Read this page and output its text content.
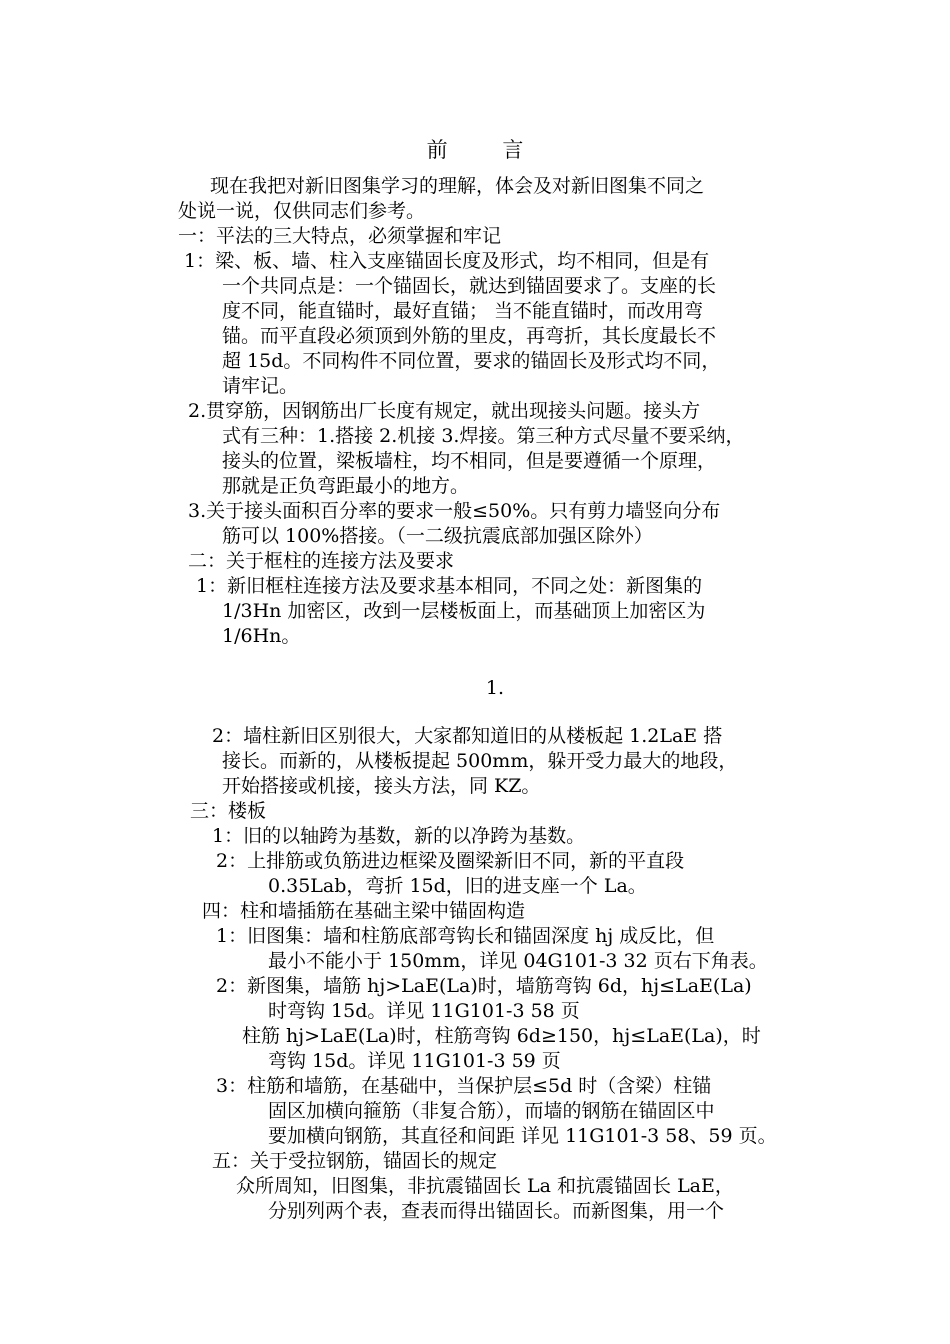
前 言
现在我把对新旧图集学习的理解，体会及对新旧图集不同之
处说一说，仅供同志们参考。
一：平法的三大特点，必须掌握和牢记
1：梁、板、墙、柱入支座锚固长度及形式，均不相同，但是有
一个共同点是：一个锚固长，就达到锚固要求了。支座的长
度不同，能直锚时，最好直锚； 当不能直锚时，而改用弯
锚。而平直段必须顶到外筋的里皮，再弯折，其长度最长不
超 15d。不同构件不同位置，要求的锚固长及形式均不同，
请牢记。
2.贯穿筋，因钢筋出厂长度有规定，就出现接头问题。接头方
式有三种：1.搭接 2.机接 3.焊接。第三种方式尽量不要采纳，
接头的位置，梁板墙柱，均不相同，但是要遵循一个原理，
那就是正负弯距最小的地方。
3.关于接头面积百分率的要求一般≤50%。只有剪力墙竖向分布
筋可以 100%搭接。（一二级抗震底部加强区除外）
二：关于框柱的连接方法及要求
1：新旧框柱连接方法及要求基本相同，不同之处：新图集的
1/3Hn 加密区，改到一层楼板面上，而基础顶上加密区为
1/6Hn。
1.
2：墙柱新旧区别很大，大家都知道旧的从楼板起 1.2LaE 搭
接长。而新的，从楼板提起 500mm，躲开受力最大的地段，
开始搭接或机接，接头方法，同 KZ。
三：楼板
1：旧的以轴跨为基数，新的以净跨为基数。
2：上排筋或负筋进边框梁及圈梁新旧不同，新的平直段
0.35Lab，弯折 15d，旧的进支座一个 La。
四：柱和墙插筋在基础主梁中锚固构造
1：旧图集：墙和柱筋底部弯钩长和锚固深度 hj 成反比，但
最小不能小于 150mm，详见 04G101-3 32 页右下角表。
2：新图集，墙筋 hj>LaE(La)时，墙筋弯钩 6d，hj≤LaE(La)
时弯钩 15d。详见 11G101-3 58 页
柱筋 hj>LaE(La)时，柱筋弯钩 6d≥150，hj≤LaE(La)，时
弯钩 15d。详见 11G101-3 59 页
3：柱筋和墙筋，在基础中，当保护层≤5d 时（含梁）柱锚
固区加横向箍筋（非复合筋），而墙的钢筋在锚固区中
要加横向钢筋，其直径和间距 详见 11G101-3 58、59 页。
五：关于受拉钢筋，锚固长的规定
众所周知，旧图集，非抗震锚固长 La 和抗震锚固长 LaE，
分别列两个表，查表而得出锚固长。而新图集，用一个
